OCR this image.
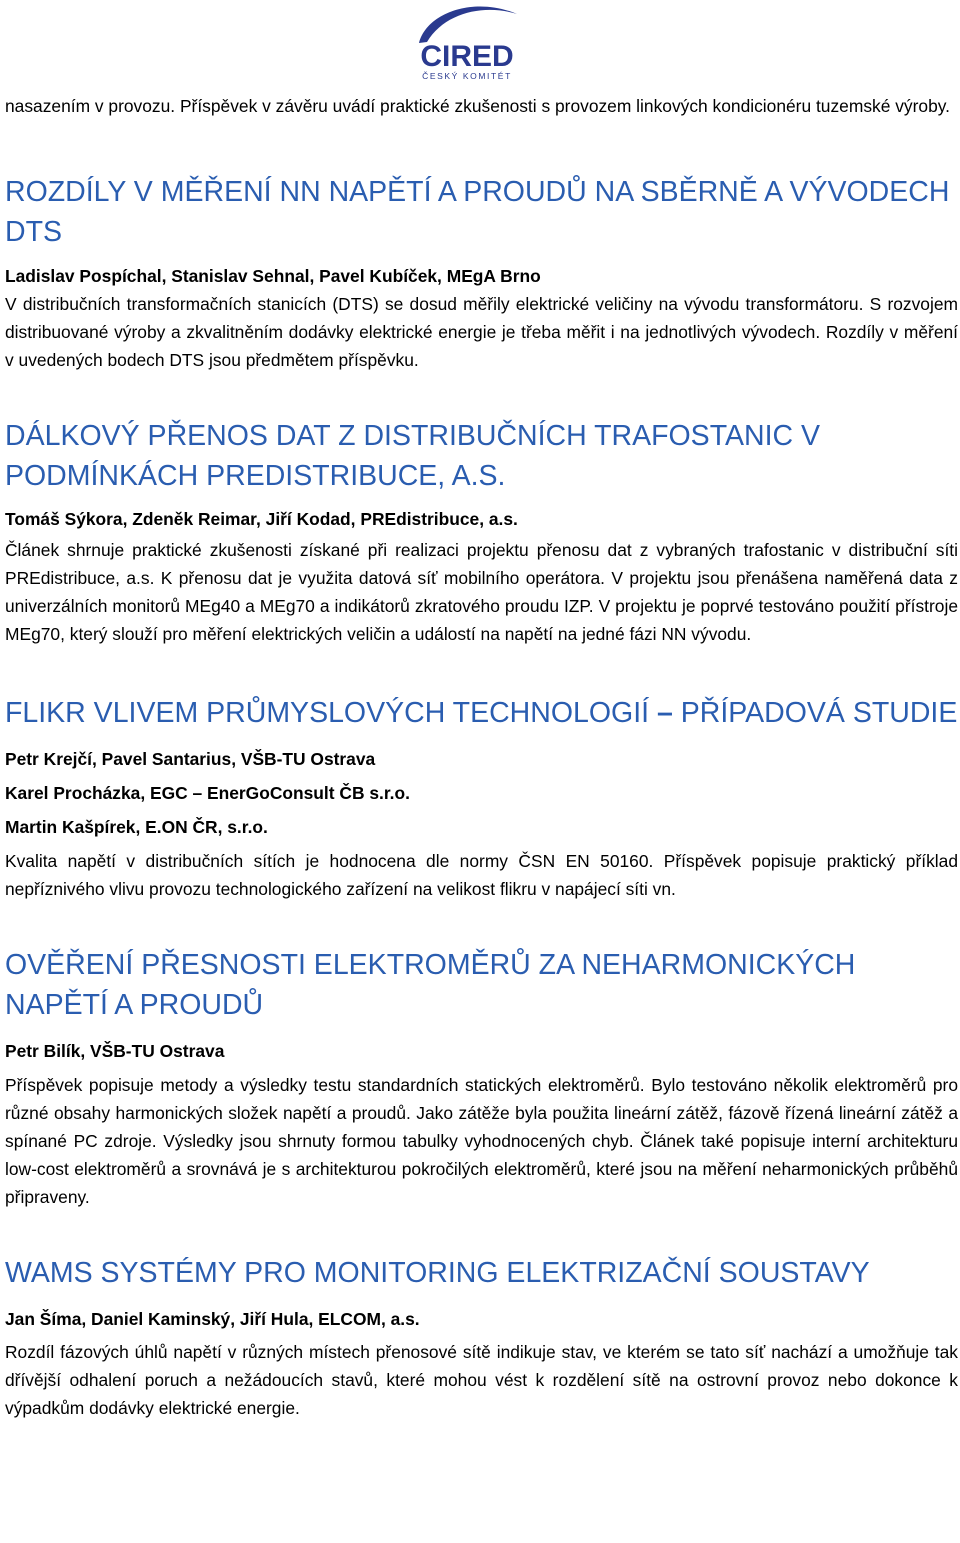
CIRED
ČESKÝ KOMITÉT

nasazením v provozu. Příspěvek v závěru uvádí praktické zkušenosti s provozem linkových kondicionéru tuzemské výroby.

ROZDÍLY V MĚŘENÍ NN NAPĚTÍ A PROUDŮ NA SBĚRNĚ A VÝVODECH DTS

Ladislav Pospíchal, Stanislav Sehnal, Pavel Kubíček, MEgA Brno

V distribučních transformačních stanicích (DTS) se dosud měřily elektrické veličiny na vývodu transformátoru. S rozvojem distribuované výroby a zkvalitněním dodávky elektrické energie je třeba měřit i na jednotlivých vývodech. Rozdíly v měření v uvedených bodech DTS jsou předmětem příspěvku.

DÁLKOVÝ PŘENOS DAT Z DISTRIBUČNÍCH TRAFOSTANIC V PODMÍNKÁCH PREDISTRIBUCE, A.S.

Tomáš Sýkora, Zdeněk Reimar, Jiří Kodad, PREdistribuce, a.s.

Článek shrnuje praktické zkušenosti získané při realizaci projektu přenosu dat z vybraných trafostanic v distribuční síti PREdistribuce, a.s. K přenosu dat je využita datová síť mobilního operátora. V projektu jsou přenášena naměřená data z univerzálních monitorů MEg40 a MEg70 a indikátorů zkratového proudu IZP. V projektu je poprvé testováno použití přístroje MEg70, který slouží pro měření elektrických veličin a událostí na napětí na jedné fázi NN vývodu.

FLIKR VLIVEM PRŮMYSLOVÝCH TECHNOLOGIÍ – PŘÍPADOVÁ STUDIE

Petr Krejčí, Pavel Santarius, VŠB-TU Ostrava

Karel Procházka, EGC – EnerGoConsult ČB s.r.o.

Martin Kašpírek, E.ON ČR, s.r.o.

Kvalita napětí v distribučních sítích je hodnocena dle normy ČSN EN 50160. Příspěvek popisuje praktický příklad nepříznivého vlivu provozu technologického zařízení na velikost flikru v napájecí síti vn.

OVĚŘENÍ PŘESNOSTI ELEKTROMĚRŮ ZA NEHARMONICKÝCH NAPĚTÍ A PROUDŮ

Petr Bilík, VŠB-TU Ostrava

Příspěvek popisuje metody a výsledky testu standardních statických elektroměrů. Bylo testováno několik elektroměrů pro různé obsahy harmonických složek napětí a proudů. Jako zátěže byla použita lineární zátěž, fázově řízená lineární zátěž a spínané PC zdroje. Výsledky jsou shrnuty formou tabulky vyhodnocených chyb. Článek také popisuje interní architekturu low-cost elektroměrů a srovnává je s architekturou pokročilých elektroměrů, které jsou na měření neharmonických průběhů připraveny.

WAMS SYSTÉMY PRO MONITORING ELEKTRIZAČNÍ SOUSTAVY

Jan Šíma, Daniel Kaminský, Jiří Hula, ELCOM, a.s.

Rozdíl fázových úhlů napětí v různých místech přenosové sítě indikuje stav, ve kterém se tato síť nachází a umožňuje tak dřívější odhalení poruch a nežádoucích stavů, které mohou vést k rozdělení sítě na ostrovní provoz nebo dokonce k výpadkům dodávky elektrické energie.
